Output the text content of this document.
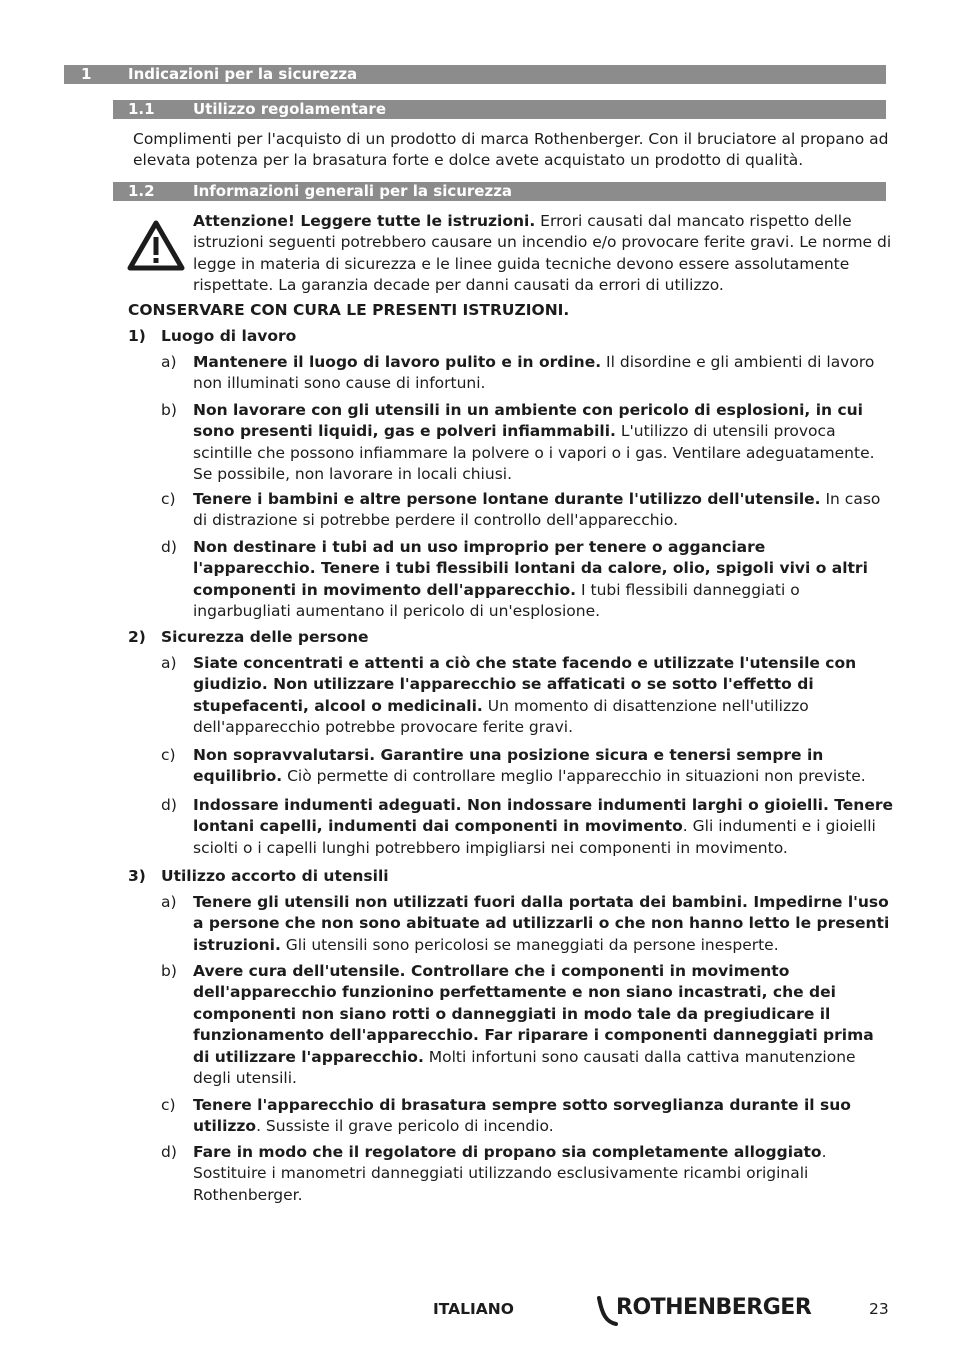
1 Indicazioni per la sicurezza
1.1	Utilizzo regolamentare
Complimenti per l'acquisto di un prodotto di marca Rothenberger. Con il bruciatore al propano ad elevata potenza per la brasatura forte e dolce avete acquistato un prodotto di qualità.
1.2	Informazioni generali per la sicurezza
Attenzione! Leggere tutte le istruzioni. Errori causati dal mancato rispetto delle istruzioni seguenti potrebbero causare un incendio e/o provocare ferite gravi. Le norme di legge in materia di sicurezza e le linee guida tecniche devono essere assolutamente rispettate. La garanzia decade per danni causati da errori di utilizzo.
CONSERVARE CON CURA LE PRESENTI ISTRUZIONI.
1) Luogo di lavoro
a) Mantenere il luogo di lavoro pulito e in ordine. Il disordine e gli ambienti di lavoro non illuminati sono cause di infortuni.
b) Non lavorare con gli utensili in un ambiente con pericolo di esplosioni, in cui sono presenti liquidi, gas e polveri infiammabili. L'utilizzo di utensili provoca scintille che possono infiammare la polvere o i vapori o i gas. Ventilare adeguatamente. Se possibile, non lavorare in locali chiusi.
c) Tenere i bambini e altre persone lontane durante l'utilizzo dell'utensile. In caso di distrazione si potrebbe perdere il controllo dell'apparecchio.
d) Non destinare i tubi ad un uso improprio per tenere o agganciare l'apparecchio. Tenere i tubi flessibili lontani da calore, olio, spigoli vivi o altri componenti in movimento dell'apparecchio. I tubi flessibili danneggiati o ingarbugliati aumentano il pericolo di un'esplosione.
2) Sicurezza delle persone
a) Siate concentrati e attenti a ciò che state facendo e utilizzate l'utensile con giudizio. Non utilizzare l'apparecchio se affaticati o se sotto l'effetto di stupefacenti, alcool o medicinali. Un momento di disattenzione nell'utilizzo dell'apparecchio potrebbe provocare ferite gravi.
c) Non sopravvalutarsi. Garantire una posizione sicura e tenersi sempre in equilibrio. Ciò permette di controllare meglio l'apparecchio in situazioni non previste.
d) Indossare indumenti adeguati. Non indossare indumenti larghi o gioielli. Tenere lontani capelli, indumenti dai componenti in movimento. Gli indumenti e i gioielli sciolti o i capelli lunghi potrebbero impigliarsi nei componenti in movimento.
3) Utilizzo accorto di utensili
a) Tenere gli utensili non utilizzati fuori dalla portata dei bambini. Impedirne l'uso a persone che non sono abituate ad utilizzarli o che non hanno letto le presenti istruzioni. Gli utensili sono pericolosi se maneggiati da persone inesperte.
b) Avere cura dell'utensile. Controllare che i componenti in movimento dell'apparecchio funzionino perfettamente e non siano incastrati, che dei componenti non siano rotti o danneggiati in modo tale da pregiudicare il funzionamento dell'apparecchio. Far riparare i componenti danneggiati prima di utilizzare l'apparecchio. Molti infortuni sono causati dalla cattiva manutenzione degli utensili.
c) Tenere l'apparecchio di brasatura sempre sotto sorveglianza durante il suo utilizzo. Sussiste il grave pericolo di incendio.
d) Fare in modo che il regolatore di propano sia completamente alloggiato. Sostituire i manometri danneggiati utilizzando esclusivamente ricambi originali Rothenberger.
ITALIANO	ROTHENBERGER	23
